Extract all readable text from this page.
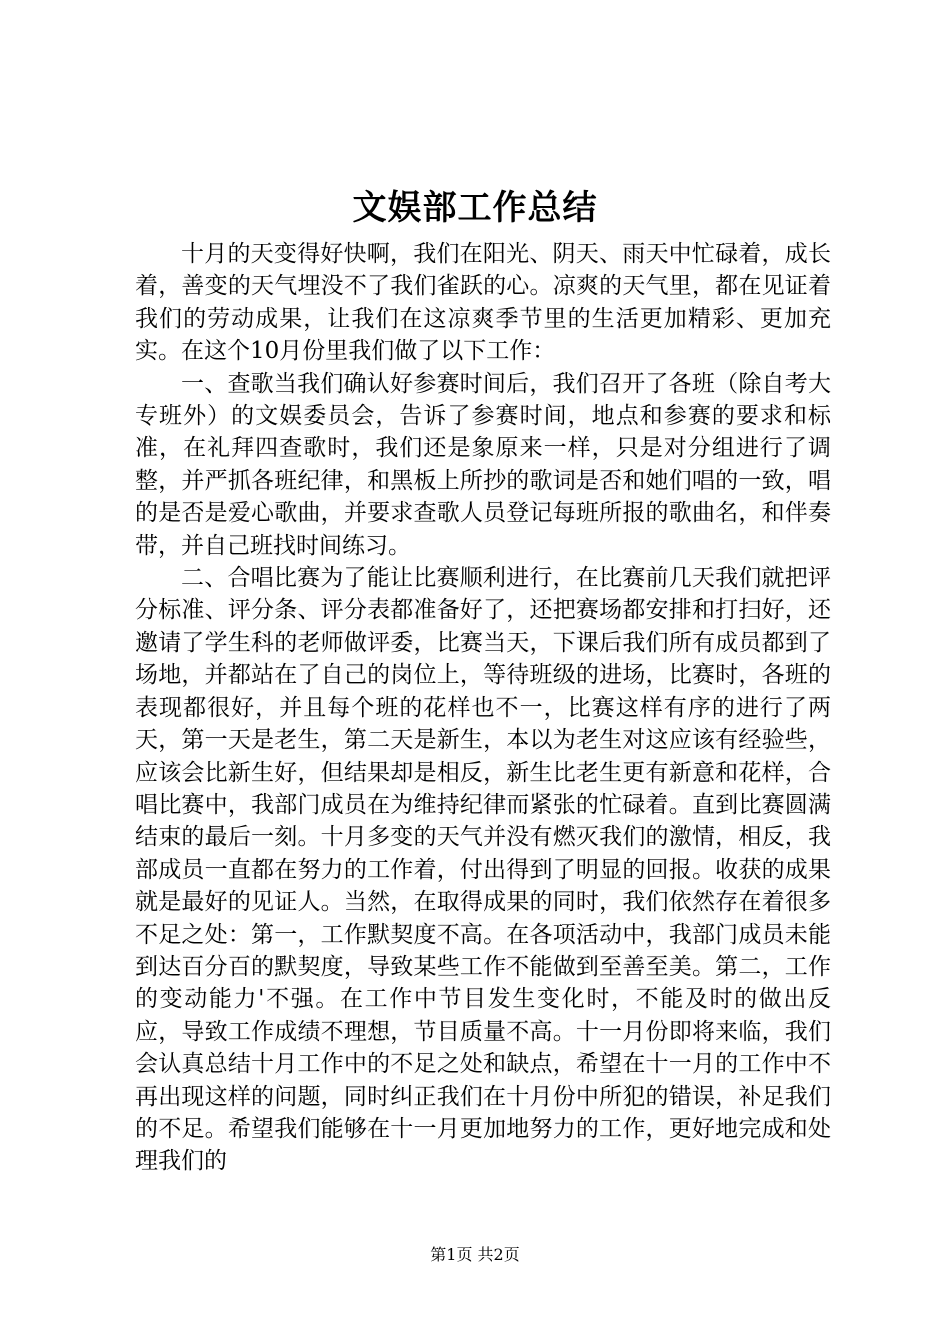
文娱部工作总结

十月的天变得好快啊，我们在阳光、阴天、雨天中忙碌着，成长着，善变的天气埋没不了我们雀跃的心。凉爽的天气里，都在见证着我们的劳动成果，让我们在这凉爽季节里的生活更加精彩、更加充实。在这个10月份里我们做了以下工作：

一、查歌当我们确认好参赛时间后，我们召开了各班（除自考大专班外）的文娱委员会，告诉了参赛时间，地点和参赛的要求和标准，在礼拜四查歌时，我们还是象原来一样，只是对分组进行了调整，并严抓各班纪律，和黑板上所抄的歌词是否和她们唱的一致，唱的是否是爱心歌曲，并要求查歌人员登记每班所报的歌曲名，和伴奏带，并自己班找时间练习。

二、合唱比赛为了能让比赛顺利进行，在比赛前几天我们就把评分标准、评分条、评分表都准备好了，还把赛场都安排和打扫好，还邀请了学生科的老师做评委，比赛当天，下课后我们所有成员都到了场地，并都站在了自己的岗位上，等待班级的进场，比赛时，各班的表现都很好，并且每个班的花样也不一，比赛这样有序的进行了两天，第一天是老生，第二天是新生，本以为老生对这应该有经验些，应该会比新生好，但结果却是相反，新生比老生更有新意和花样，合唱比赛中，我部门成员在为维持纪律而紧张的忙碌着。直到比赛圆满结束的最后一刻。十月多变的天气并没有燃灭我们的激情，相反，我部成员一直都在努力的工作着，付出得到了明显的回报。收获的成果就是最好的见证人。当然，在取得成果的同时，我们依然存在着很多不足之处：第一，工作默契度不高。在各项活动中，我部门成员未能到达百分百的默契度，导致某些工作不能做到至善至美。第二，工作的变动能力'不强。在工作中节目发生变化时，不能及时的做出反应，导致工作成绩不理想，节目质量不高。十一月份即将来临，我们会认真总结十月工作中的不足之处和缺点，希望在十一月的工作中不再出现这样的问题，同时纠正我们在十月份中所犯的错误，补足我们的不足。希望我们能够在十一月更加地努力的工作，更好地完成和处理我们的

第1页 共2页
